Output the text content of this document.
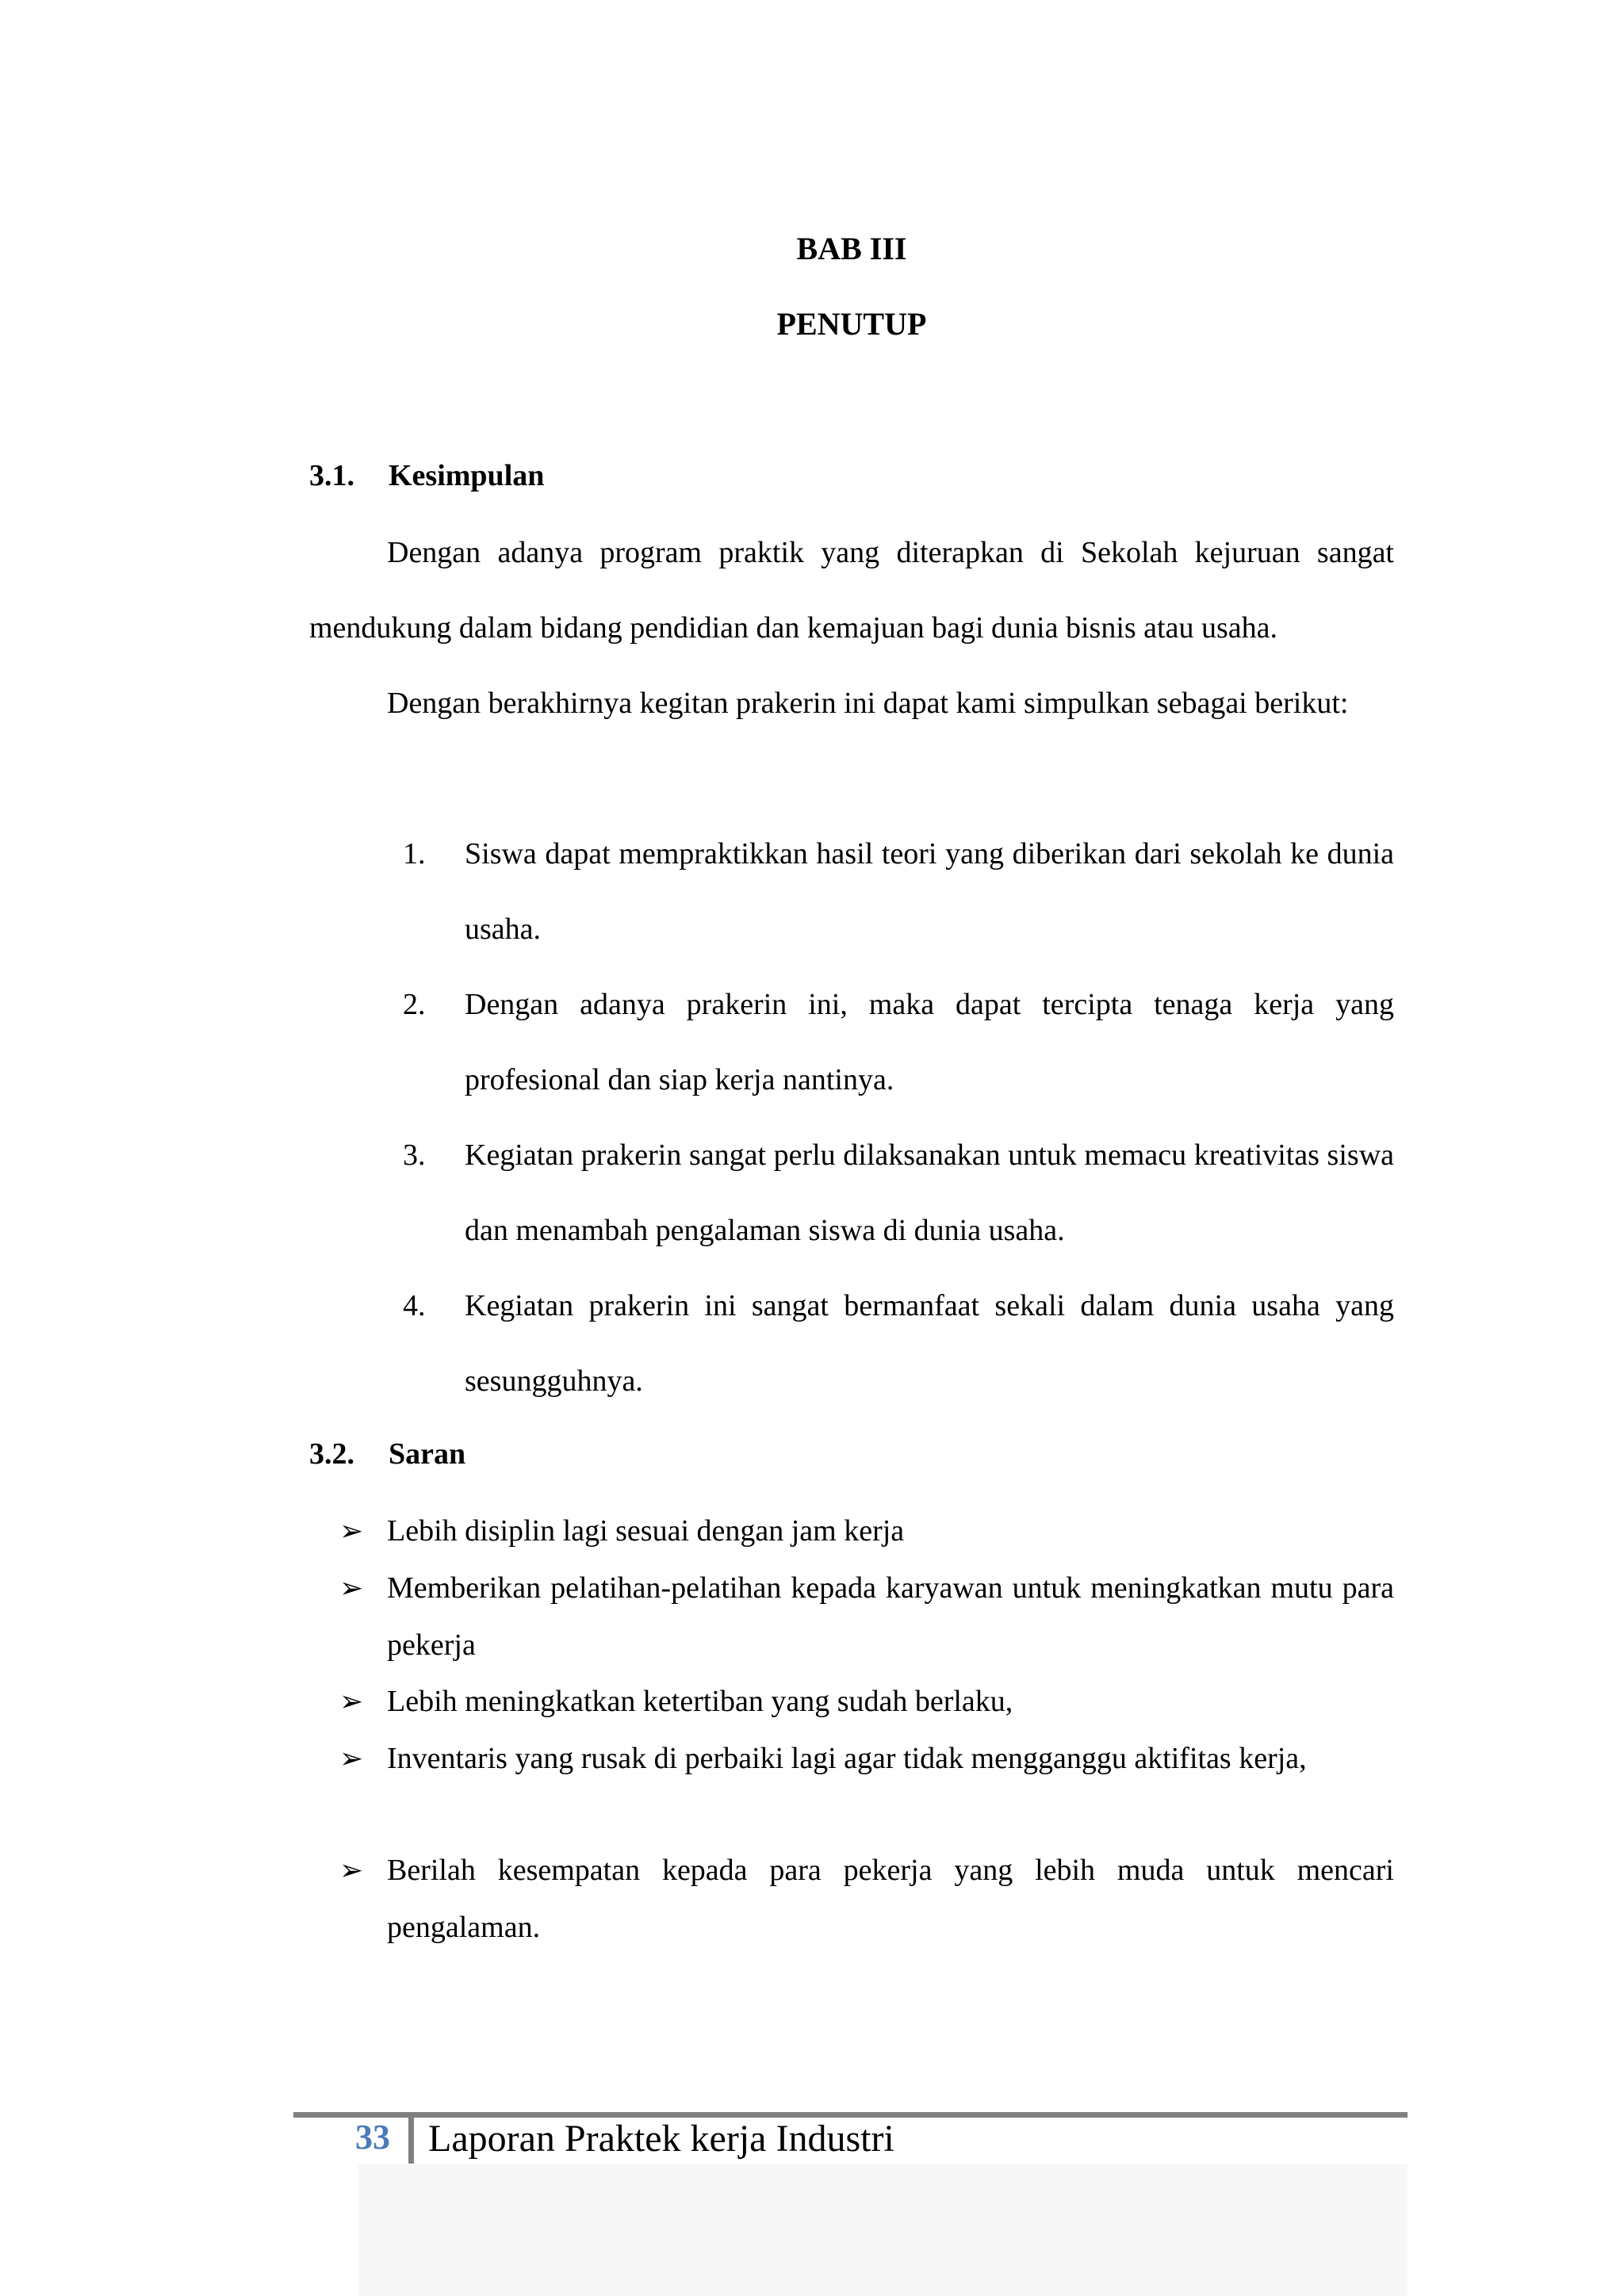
BAB III
PENUTUP
3.1. Kesimpulan
Dengan adanya program praktik yang diterapkan di Sekolah kejuruan sangat mendukung dalam bidang pendidian dan kemajuan bagi dunia bisnis atau usaha.
Dengan berakhirnya kegitan prakerin ini dapat kami simpulkan sebagai berikut:
1.	Siswa dapat mempraktikkan hasil teori yang diberikan dari sekolah ke dunia usaha.
2.	Dengan adanya prakerin ini, maka dapat tercipta tenaga kerja yang profesional dan siap kerja nantinya.
3.	Kegiatan prakerin sangat perlu dilaksanakan untuk memacu kreativitas siswa dan menambah pengalaman siswa di dunia usaha.
4.	Kegiatan prakerin ini sangat bermanfaat sekali dalam dunia usaha yang sesungguhnya.
3.2. Saran
➢ Lebih disiplin lagi sesuai dengan jam kerja
➢ Memberikan pelatihan-pelatihan kepada karyawan untuk meningkatkan mutu para pekerja
➢ Lebih meningkatkan ketertiban yang sudah berlaku,
➢ Inventaris yang rusak di perbaiki lagi agar tidak mengganggu aktifitas kerja,
➢ Berilah kesempatan kepada para pekerja yang lebih muda untuk mencari pengalaman.
33 Laporan Praktek kerja Industri
